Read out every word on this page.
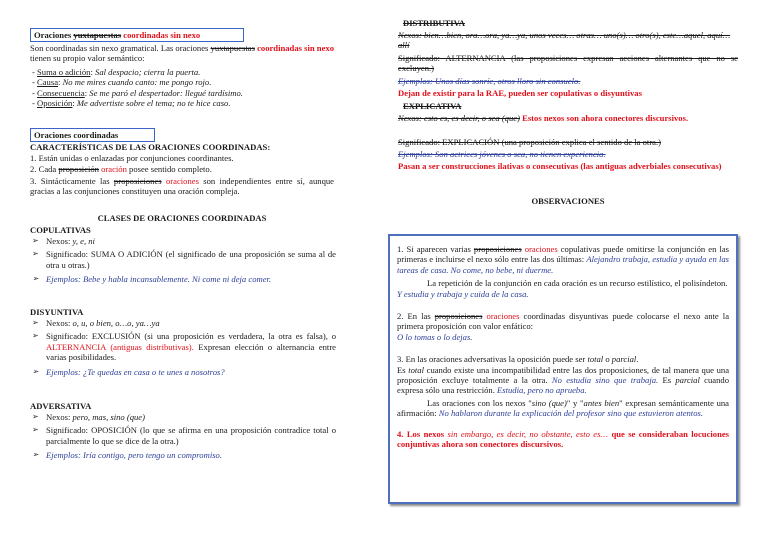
Oraciones yuxtapuestas coordinadas sin nexo

Son coordinadas sin nexo gramatical. Las oraciones yuxtapuestas coordinadas sin nexo tienen su propio valor semántico:

- Suma o adición: Sal despacio; cierra la puerta.

- Causa: No me mires cuando canto: me pongo rojo.

- Consecuencia: Se me paró el despertador: llegué tardísimo.

- Oposición: Me advertiste sobre el tema; no te hice caso.

Oraciones coordinadas

CARACTERÍSTICAS DE LAS ORACIONES COORDINADAS:

1. Están unidas o enlazadas por conjunciones coordinantes.

2. Cada proposición oración posee sentido completo.

3. Sintácticamente las proposiciones oraciones son independientes entre sí, aunque gracias a las conjunciones constituyen una oración compleja.

CLASES DE ORACIONES COORDINADAS

COPULATIVAS

➢ Nexos: y, e, ni

➢ Significado: SUMA O ADICIÓN (el significado de una proposición se suma al de otra u otras.)

➢ Ejemplos: Bebe y habla incansablemente. Ni come ni deja comer.

DISYUNTIVA

➢ Nexos: o, u, o bien, o…o, ya…ya

➢ Significado: EXCLUSIÓN (si una proposición es verdadera, la otra es falsa), o ALTERNANCIA (antiguas distributivas). Expresan elección o alternancia entre varias posibilidades.

➢ Ejemplos: ¿Te quedas en casa o te unes a nosotros?

ADVERSATIVA

➢ Nexos: pero, mas, sino (que)

➢ Significado: OPOSICIÓN (lo que se afirma en una proposición contradice total o parcialmente lo que se dice de la otra.)

➢ Ejemplos: Iría contigo, pero tengo un compromiso.

DISTRIBUTIVA

Nexos: bien…bien, ora…ora, ya…ya, unos veces… otras… uno(s)… otro(s), este…aquel, aquí…allí

Significado: ALTERNANCIA (las proposiciones expresan acciones alternantes que no se excluyen.)

Ejemplos: Unos días sonríe, otros lloro sin consuelo.

Dejan de existir para la RAE, pueden ser copulativas o disyuntivas

EXPLICATIVA

Nexos: esto es, es decir, o sea (que) Estos nexos son ahora conectores discursivos.

Significado: EXPLICACIÓN (una proposición explica el sentido de la otra.)

Ejemplos: Son actrices jóvenes o sea, no tienen experiencia.

Pasan a ser construcciones ilativas o consecutivas (las antiguas adverbiales consecutivas)

OBSERVACIONES

1. Si aparecen varias proposiciones oraciones copulativas puede omitirse la conjunción en las primeras e incluirse el nexo sólo entre las dos últimas: Alejandro trabaja, estudia y ayuda en las tareas de casa. No come, no bebe, ni duerme.

La repetición de la conjunción en cada oración es un recurso estilístico, el polisíndeton.

Y estudia y trabaja y cuida de la casa.

2. En las proposiciones oraciones coordinadas disyuntivas puede colocarse el nexo ante la primera proposición con valor enfático:

O lo tomas o lo dejas.

3. En las oraciones adversativas la oposición puede ser total o parcial.

Es total cuando existe una incompatibilidad entre las dos proposiciones, de tal manera que una proposición excluye totalmente a la otra. No estudia sino que trabaja. Es parcial cuando expresa sólo una restricción. Estudia, pero no aprueba.

Las oraciones con los nexos "sino (que)" y "antes bien" expresan semánticamente una afirmación: No hablaron durante la explicación del profesor sino que estuvieron atentos.

4. Los nexos sin embargo, es decir, no obstante, esto es… que se consideraban locuciones conjuntivas ahora son conectores discursivos.
